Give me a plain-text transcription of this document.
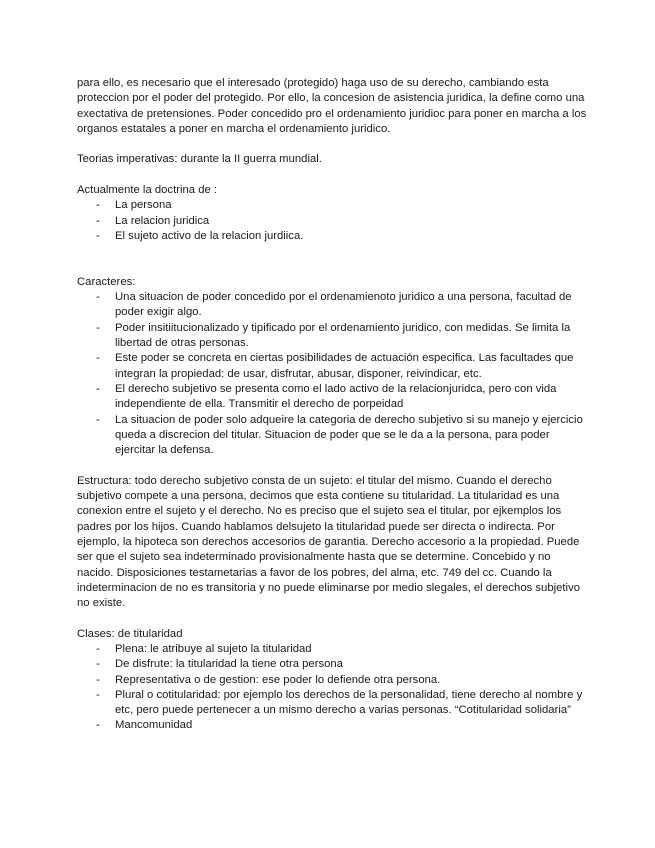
para ello, es necesario que el interesado (protegido) haga uso de su derecho, cambiando esta proteccion por el poder del protegido. Por ello, la concesion de asistencia juridica, la define como una exectativa de pretensiones. Poder concedido pro el ordenamiento juridioc para poner en marcha a los organos estatales a poner en marcha el ordenamiento juridico.

Teorias imperativas: durante la II guerra mundial.

Actualmente la doctrina de :

- La persona
- La relacion juridica
- El sujeto activo de la relacion jurdiica.

Caracteres:

- Una situacion de poder concedido por el ordenamienoto juridico a una persona, facultad de poder exigir algo.
- Poder insitiitucionalizado y tipificado por el ordenamiento juridico, con medidas. Se limita la libertad de otras personas.
- Este poder se concreta en ciertas posibilidades de actuación especifica. Las facultades que integran la propiedad: de usar, disfrutar, abusar, disponer, reivindicar, etc.
- El derecho subjetivo se presenta como el lado activo de la relacionjuridca, pero con vida independiente de ella. Transmitir el derecho de porpeidad
- La situacion de poder solo adqueire la categoria de derecho subjetivo si su manejo y ejercicio queda a discrecion del titular. Situacion de poder que se le da a la persona, para poder ejercitar la defensa.

Estructura: todo derecho subjetivo consta de un sujeto: el titular del mismo. Cuando el derecho subjetivo compete a una persona, decimos que esta contiene su titularidad. La titularidad es una conexion entre el sujeto y el derecho. No es preciso que el sujeto sea el titular, por ejkemplos los padres por los hijos. Cuando hablamos delsujeto la titularidad puede ser directa o indirecta. Por ejemplo, la hipoteca son derechos accesorios de garantia. Derecho accesorio a la propiedad. Puede ser que el sujeto sea indeterminado provisionalmente hasta que se determine. Concebido y no nacido. Disposiciones testametarias a favor de los pobres, del alma, etc. 749 del cc. Cuando la indeterminacion de no es transitoria y no puede eliminarse por medio slegales, el derechos subjetivo no existe.

Clases: de titularidad

- Plena: le atribuye al sujeto la titularidad
- De disfrute: la titularidad la tiene otra persona
- Representativa o de gestion: ese poder lo defiende otra persona.
- Plural o cotitularidad: por ejemplo los derechos de la personalidad, tiene derecho al nombre y etc, pero puede pertenecer a un mismo derecho a varias personas. “Cotitularidad solidaria”
- Mancomunidad
